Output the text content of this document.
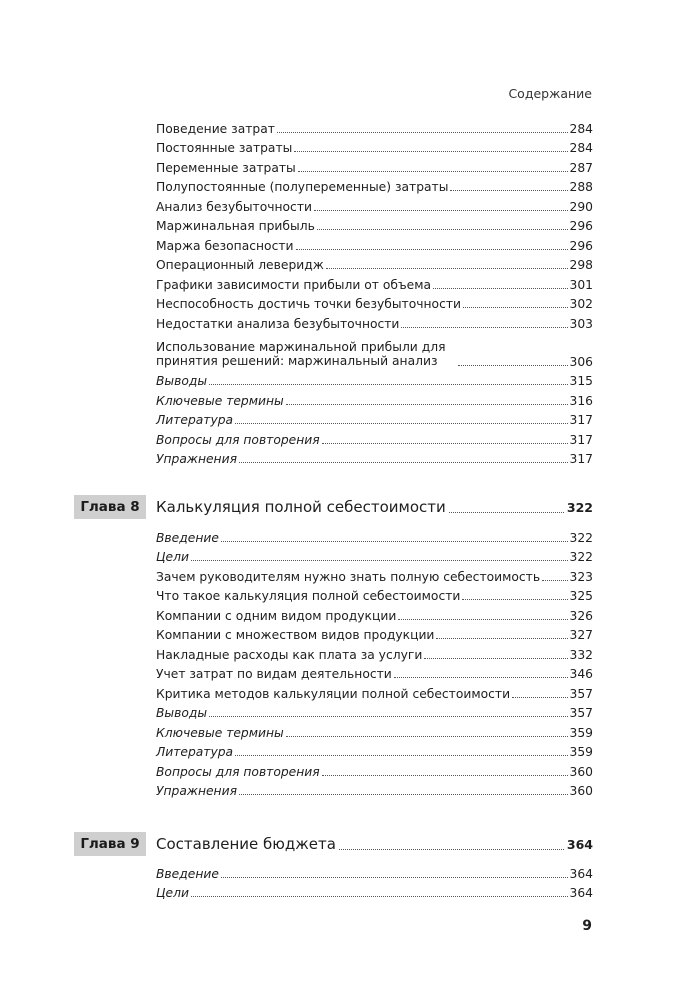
Содержание
Поведение затрат	284
Постоянные затраты	284
Переменные затраты	287
Полупостоянные (полупеременные) затраты	288
Анализ безубыточности	290
Маржинальная прибыль	296
Маржа безопасности	296
Операционный леверидж	298
Графики зависимости прибыли от объема	301
Неспособность достичь точки безубыточности	302
Недостатки анализа безубыточности	303
Использование маржинальной прибыли для принятия решений: маржинальный анализ	306
Выводы	315
Ключевые термины	316
Литература	317
Вопросы для повторения	317
Упражнения	317
Глава 8	Калькуляция полной себестоимости	322
Введение	322
Цели	322
Зачем руководителям нужно знать полную себестоимость 323
Что такое калькуляция полной себестоимости	325
Компании с одним видом продукции	326
Компании с множеством видов продукции	327
Накладные расходы как плата за услуги	332
Учет затрат по видам деятельности	346
Критика методов калькуляции полной себестоимости	357
Выводы	357
Ключевые термины	359
Литература	359
Вопросы для повторения	360
Упражнения	360
Глава 9	Составление бюджета	364
Введение	364
Цели	364
9
